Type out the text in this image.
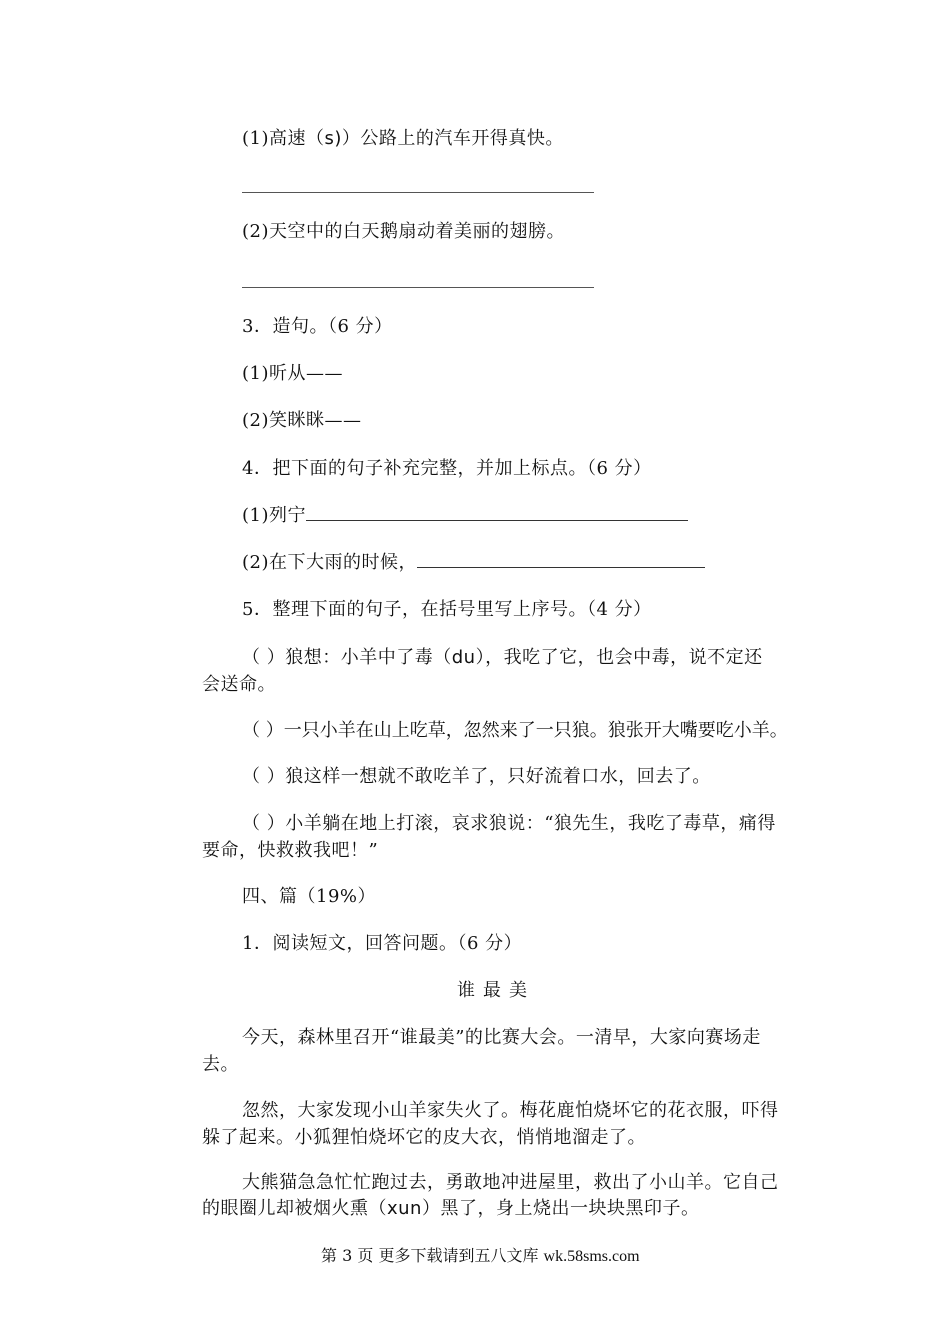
(1)高速（s)）公路上的汽车开得真快。
(2)天空中的白天鹅扇动着美丽的翅膀。
3．造句。（6 分）
(1)听从——
(2)笑眯眯——
4．把下面的句子补充完整，并加上标点。（6 分）
(1)列宁
(2)在下大雨的时候，
5．整理下面的句子，在括号里写上序号。（4 分）
（ ）狼想：小羊中了毒（du），我吃了它，也会中毒，说不定还
会送命。
（ ）一只小羊在山上吃草，忽然来了一只狼。狼张开大嘴要吃小羊。
（ ）狼这样一想就不敢吃羊了，只好流着口水，回去了。
（ ）小羊躺在地上打滚，哀求狼说：“狼先生，我吃了毒草，痛得
要命，快救救我吧！”
四、篇（19%）
1．阅读短文，回答问题。（6 分）
谁最美
今天，森林里召开“谁最美”的比赛大会。一清早，大家向赛场走
去。
忽然，大家发现小山羊家失火了。梅花鹿怕烧坏它的花衣服，吓得
躲了起来。小狐狸怕烧坏它的皮大衣，悄悄地溜走了。
大熊猫急急忙忙跑过去，勇敢地冲进屋里，救出了小山羊。它自己
的眼圈儿却被烟火熏（xun）黑了，身上烧出一块块黑印子。
第 3 页 更多下载请到五八文库 wk.58sms.com
